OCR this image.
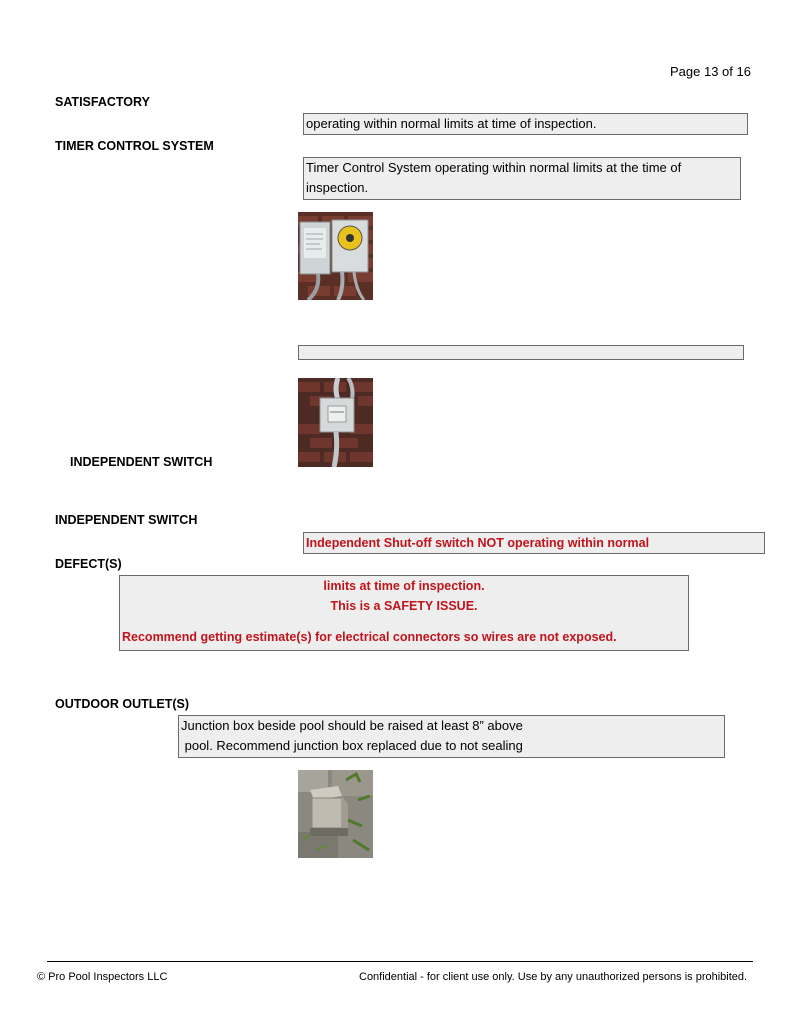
Page 13 of 16
SATISFACTORY
operating within normal limits at time of inspection.
TIMER CONTROL SYSTEM
Timer Control System operating within normal limits at the time of
inspection.
INDEPENDENT SWITCH
INDEPENDENT SWITCH
Independent Shut-off switch NOT operating within normal
DEFECT(S)
limits at time of inspection.
This is a SAFETY ISSUE.
Recommend getting estimate(s) for electrical connectors so wires are not exposed.
OUTDOOR OUTLET(S)
Junction box beside pool should be raised at least 8” above
pool. Recommend junction box replaced due to not sealing
© Pro Pool Inspectors LLC	Confidential - for client use only. Use by any unauthorized persons is prohibited.
